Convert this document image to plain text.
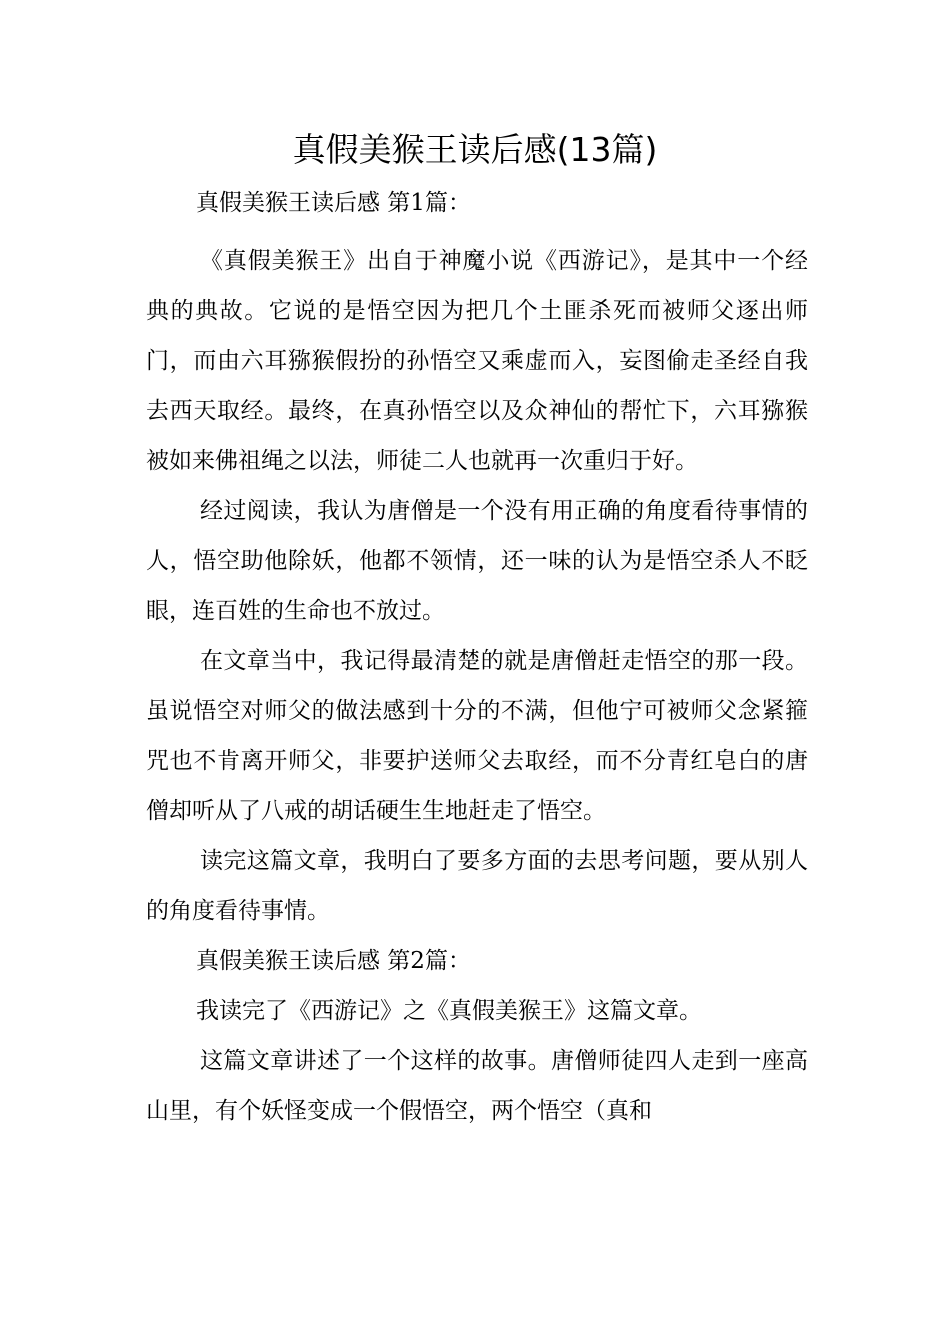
真假美猴王读后感(13篇)

真假美猴王读后感 第1篇：

《真假美猴王》出自于神魔小说《西游记》，是其中一个经典的典故。它说的是悟空因为把几个土匪杀死而被师父逐出师门，而由六耳猕猴假扮的孙悟空又乘虚而入，妄图偷走圣经自我去西天取经。最终，在真孙悟空以及众神仙的帮忙下，六耳猕猴被如来佛祖绳之以法，师徒二人也就再一次重归于好。

经过阅读，我认为唐僧是一个没有用正确的角度看待事情的人，悟空助他除妖，他都不领情，还一味的认为是悟空杀人不眨眼，连百姓的生命也不放过。

在文章当中，我记得最清楚的就是唐僧赶走悟空的那一段。虽说悟空对师父的做法感到十分的不满，但他宁可被师父念紧箍咒也不肯离开师父，非要护送师父去取经，而不分青红皂白的唐僧却听从了八戒的胡话硬生生地赶走了悟空。

读完这篇文章，我明白了要多方面的去思考问题，要从别人的角度看待事情。

真假美猴王读后感 第2篇：

我读完了《西游记》之《真假美猴王》这篇文章。

这篇文章讲述了一个这样的故事。唐僧师徒四人走到一座高山里，有个妖怪变成一个假悟空，两个悟空（真和
